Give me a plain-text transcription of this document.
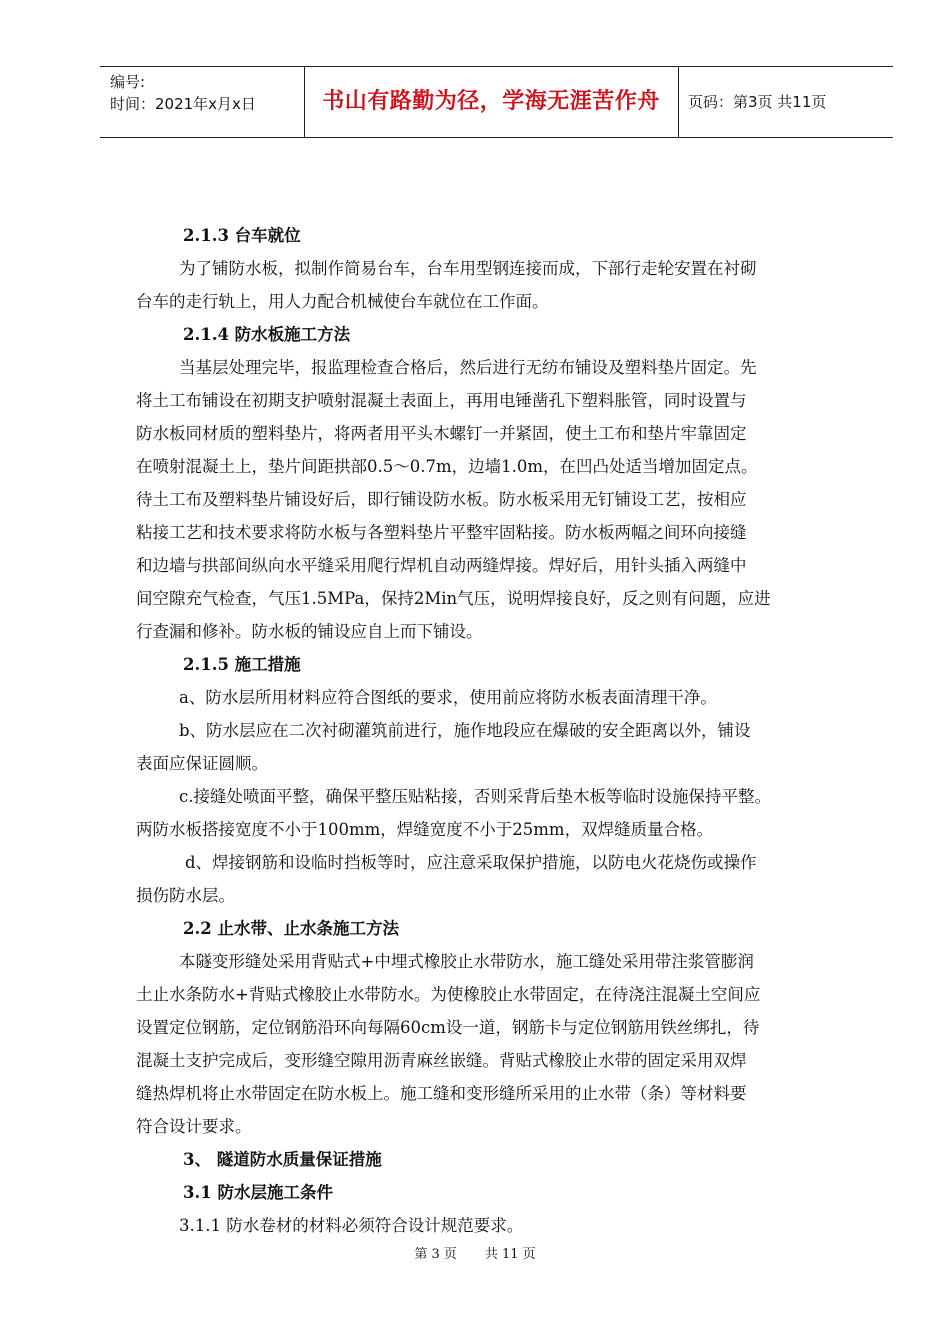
编号:
时间：2021年x月x日	书山有路勤为径，学海无涯苦作舟	页码：第3页 共11页
2.1.3 台车就位
为了铺防水板，拟制作简易台车，台车用型钢连接而成，下部行走轮安置在衬砌
台车的走行轨上，用人力配合机械使台车就位在工作面。
2.1.4 防水板施工方法
当基层处理完毕，报监理检查合格后，然后进行无纺布铺设及塑料垫片固定。先
将土工布铺设在初期支护喷射混凝土表面上，再用电锤凿孔下塑料胀管，同时设置与
防水板同材质的塑料垫片，将两者用平头木螺钉一并紧固，使土工布和垫片牢靠固定
在喷射混凝土上，垫片间距拱部0.5～0.7m，边墙1.0m，在凹凸处适当增加固定点。
待土工布及塑料垫片铺设好后，即行铺设防水板。防水板采用无钉铺设工艺，按相应
粘接工艺和技术要求将防水板与各塑料垫片平整牢固粘接。防水板两幅之间环向接缝
和边墙与拱部间纵向水平缝采用爬行焊机自动两缝焊接。焊好后，用针头插入两缝中
间空隙充气检查，气压1.5MPa，保持2Min气压，说明焊接良好，反之则有问题，应进
行查漏和修补。防水板的铺设应自上而下铺设。
2.1.5 施工措施
a、防水层所用材料应符合图纸的要求，使用前应将防水板表面清理干净。
b、防水层应在二次衬砌灌筑前进行，施作地段应在爆破的安全距离以外，铺设
表面应保证圆顺。
c.接缝处喷面平整，确保平整压贴粘接，否则采背后垫木板等临时设施保持平整。
两防水板搭接宽度不小于100mm，焊缝宽度不小于25mm，双焊缝质量合格。
d、焊接钢筋和设临时挡板等时，应注意采取保护措施，以防电火花烧伤或操作
损伤防水层。
2.2 止水带、止水条施工方法
本隧变形缝处采用背贴式+中埋式橡胶止水带防水，施工缝处采用带注浆管膨润
土止水条防水+背贴式橡胶止水带防水。为使橡胶止水带固定，在待浇注混凝土空间应
设置定位钢筋，定位钢筋沿环向每隔60cm设一道，钢筋卡与定位钢筋用铁丝绑扎，待
混凝土支护完成后，变形缝空隙用沥青麻丝嵌缝。背贴式橡胶止水带的固定采用双焊
缝热焊机将止水带固定在防水板上。施工缝和变形缝所采用的止水带（条）等材料要
符合设计要求。
3、 隧道防水质量保证措施
3.1 防水层施工条件
3.1.1 防水卷材的材料必须符合设计规范要求。
第 3 页 共 11 页
